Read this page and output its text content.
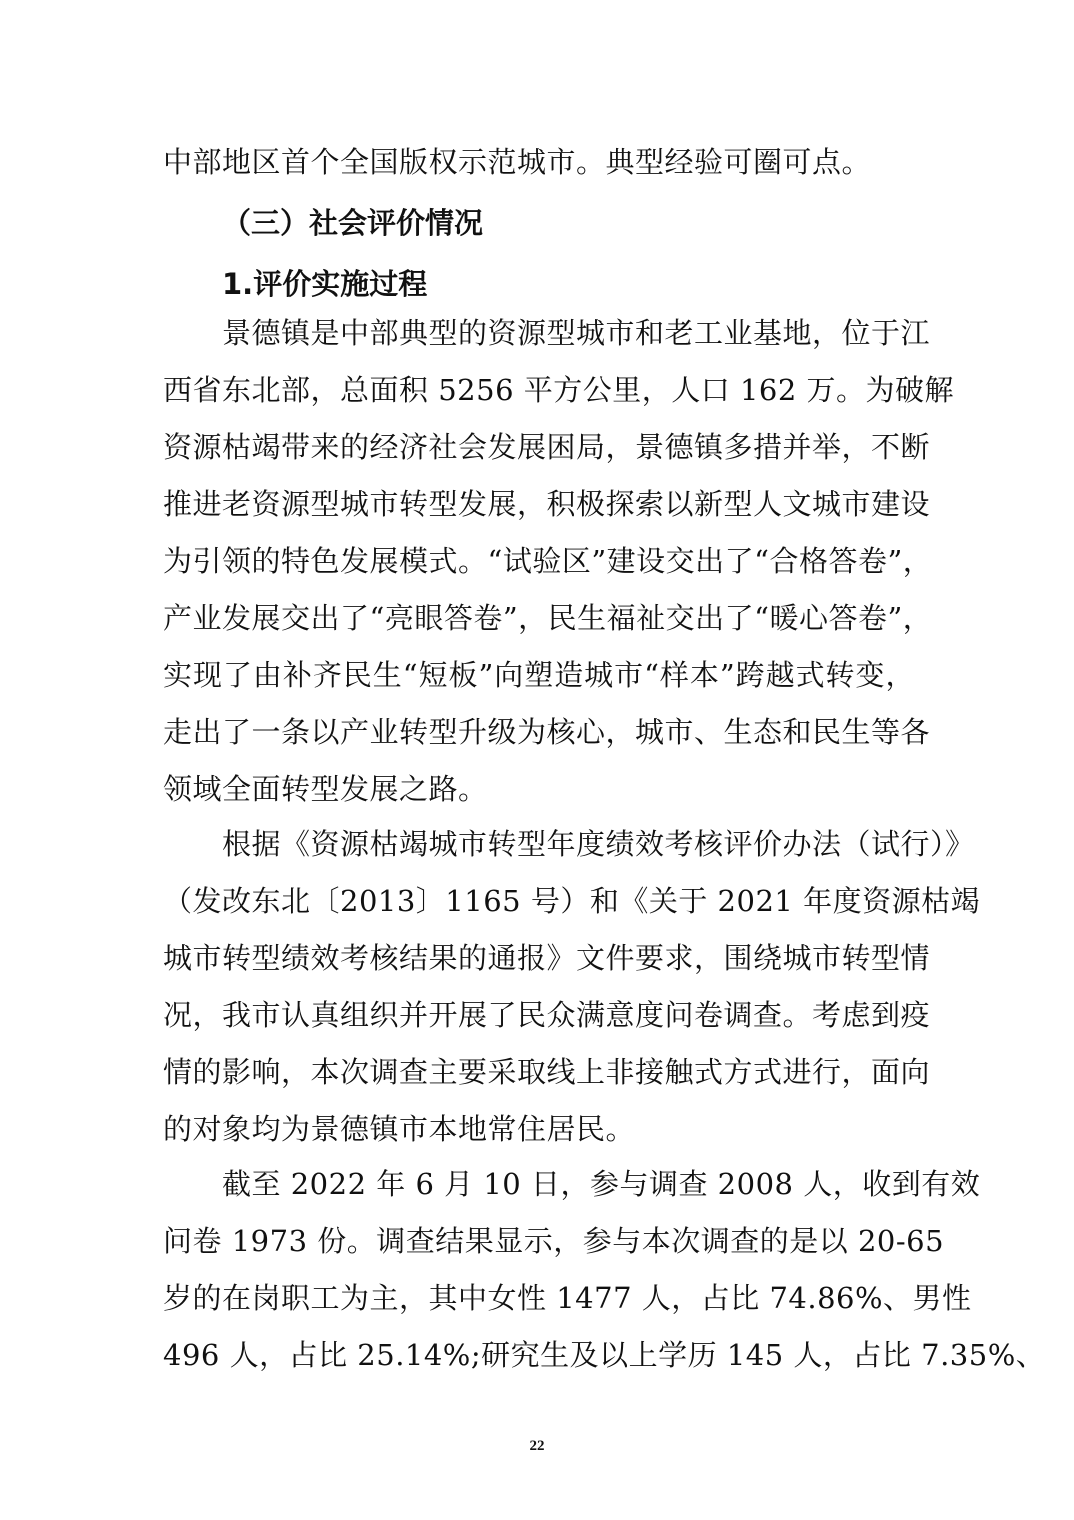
中部地区首个全国版权示范城市。典型经验可圈可点。
（三）社会评价情况
1.评价实施过程
景德镇是中部典型的资源型城市和老工业基地，位于江
西省东北部，总面积 5256 平方公里，人口 162 万。为破解
资源枯竭带来的经济社会发展困局，景德镇多措并举，不断
推进老资源型城市转型发展，积极探索以新型人文城市建设
为引领的特色发展模式。“试验区”建设交出了“合格答卷”，
产业发展交出了“亮眼答卷”，民生福祉交出了“暖心答卷”，
实现了由补齐民生“短板”向塑造城市“样本”跨越式转变，
走出了一条以产业转型升级为核心，城市、生态和民生等各
领域全面转型发展之路。
根据《资源枯竭城市转型年度绩效考核评价办法（试行）》
（发改东北〔2013〕1165 号）和《关于 2021 年度资源枯竭
城市转型绩效考核结果的通报》文件要求，围绕城市转型情
况，我市认真组织并开展了民众满意度问卷调查。考虑到疫
情的影响，本次调查主要采取线上非接触式方式进行，面向
的对象均为景德镇市本地常住居民。
截至 2022 年 6 月 10 日，参与调查 2008 人，收到有效
问卷 1973 份。调查结果显示，参与本次调查的是以 20-65
岁的在岗职工为主，其中女性 1477 人，占比 74.86%、男性
496 人，占比 25.14%;研究生及以上学历 145 人，占比 7.35%、
22
